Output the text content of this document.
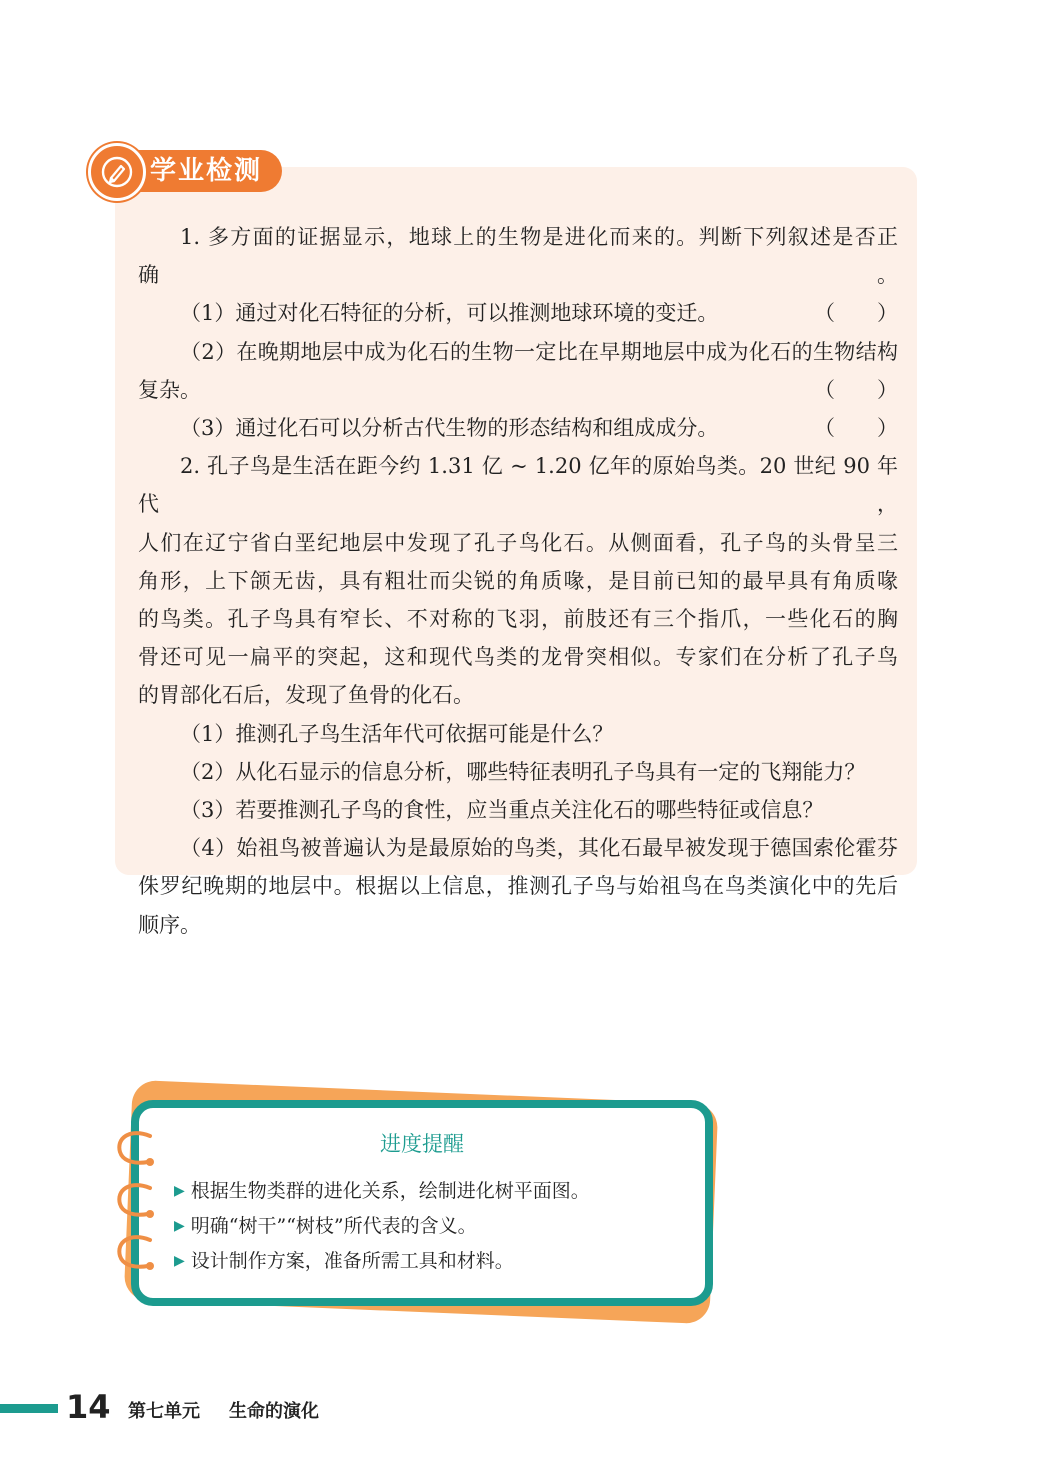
学业检测

1. 多方面的证据显示，地球上的生物是进化而来的。判断下列叙述是否正确。

（1）通过对化石特征的分析，可以推测地球环境的变迁。	（　　）

（2）在晚期地层中成为化石的生物一定比在早期地层中成为化石的生物结构

复杂。	（　　）

（3）通过化石可以分析古代生物的形态结构和组成成分。	（　　）

2. 孔子鸟是生活在距今约 1.31 亿 ~ 1.20 亿年的原始鸟类。20 世纪 90 年代，

人们在辽宁省白垩纪地层中发现了孔子鸟化石。从侧面看，孔子鸟的头骨呈三

角形，上下颌无齿，具有粗壮而尖锐的角质喙，是目前已知的最早具有角质喙

的鸟类。孔子鸟具有窄长、不对称的飞羽，前肢还有三个指爪，一些化石的胸

骨还可见一扁平的突起，这和现代鸟类的龙骨突相似。专家们在分析了孔子鸟

的胃部化石后，发现了鱼骨的化石。

（1）推测孔子鸟生活年代可依据可能是什么？

（2）从化石显示的信息分析，哪些特征表明孔子鸟具有一定的飞翔能力？

（3）若要推测孔子鸟的食性，应当重点关注化石的哪些特征或信息？

（4）始祖鸟被普遍认为是最原始的鸟类，其化石最早被发现于德国索伦霍芬

侏罗纪晚期的地层中。根据以上信息，推测孔子鸟与始祖鸟在鸟类演化中的先后

顺序。

进度提醒
▶ 根据生物类群的进化关系，绘制进化树平面图。
▶ 明确“树干”“树枝”所代表的含义。
▶ 设计制作方案，准备所需工具和材料。
14 第七单元 生命的演化
